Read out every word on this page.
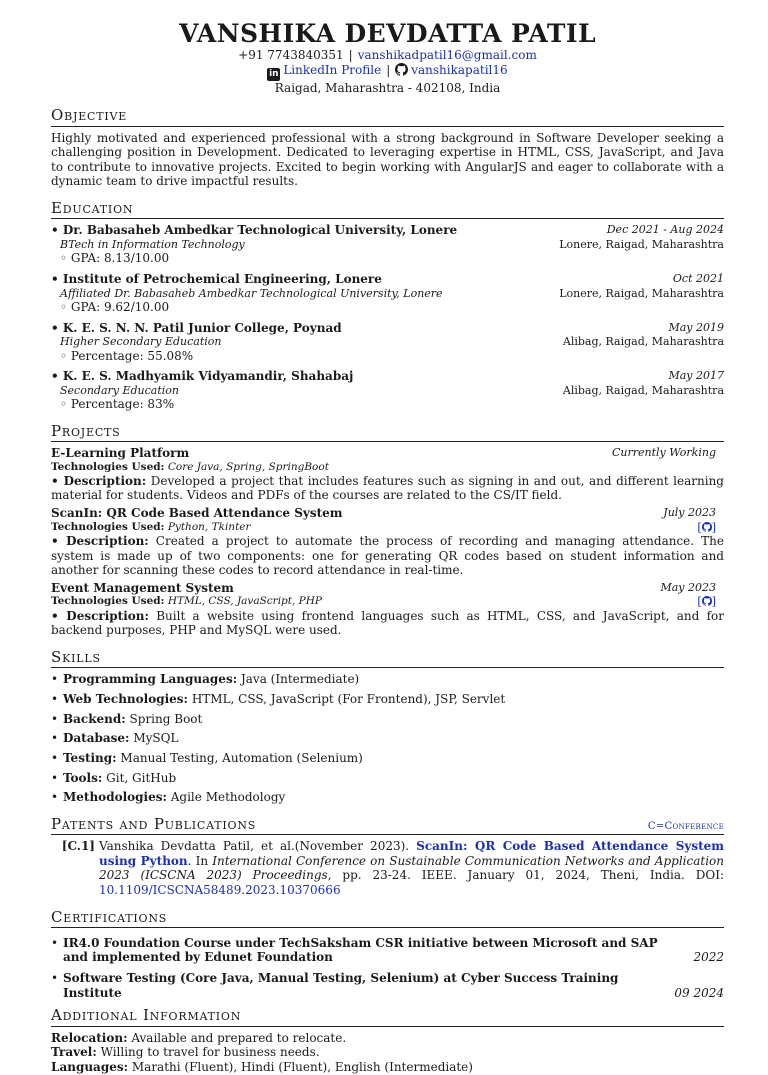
VANSHIKA DEVDATTA PATIL
+91 7743840351 | vanshikadpatil16@gmail.com
in LinkedIn Profile | vanshikapatil16
Raigad, Maharashtra - 402108, India
Objective

Highly motivated and experienced professional with a strong background in Software Developer seeking a challenging position in Development. Dedicated to leveraging expertise in HTML, CSS, JavaScript, and Java to contribute to innovative projects. Excited to begin working with AngularJS and eager to collaborate with a dynamic team to drive impactful results.

Education
• Dr. Babasaheb Ambedkar Technological University, Lonere	Dec 2021 - Aug 2024
BTech in Information Technology	Lonere, Raigad, Maharashtra
◦ GPA: 8.13/10.00
• Institute of Petrochemical Engineering, Lonere	Oct 2021
Affiliated Dr. Babasaheb Ambedkar Technological University, Lonere	Lonere, Raigad, Maharashtra
◦ GPA: 9.62/10.00
• K. E. S. N. N. Patil Junior College, Poynad	May 2019
Higher Secondary Education	Alibag, Raigad, Maharashtra
◦ Percentage: 55.08%
• K. E. S. Madhyamik Vidyamandir, Shahabaj	May 2017
Secondary Education	Alibag, Raigad, Maharashtra
◦ Percentage: 83%
Projects
E-Learning Platform	Currently Working
Technologies Used: Core Java, Spring, SpringBoot

• Description: Developed a project that includes features such as signing in and out, and different learning material for students. Videos and PDFs of the courses are related to the CS/IT field.

ScanIn: QR Code Based Attendance System	July 2023
Technologies Used: Python, Tkinter	[ ]

• Description: Created a project to automate the process of recording and managing attendance. The system is made up of two components: one for generating QR codes based on student information and another for scanning these codes to record attendance in real-time.

Event Management System	May 2023
Technologies Used: HTML, CSS, JavaScript, PHP	[ ]

• Description: Built a website using frontend languages such as HTML, CSS, and JavaScript, and for backend purposes, PHP and MySQL were used.

Skills
• Programming Languages: Java (Intermediate)
• Web Technologies: HTML, CSS, JavaScript (For Frontend), JSP, Servlet
• Backend: Spring Boot
• Database: MySQL
• Testing: Manual Testing, Automation (Selenium)
• Tools: Git, GitHub
• Methodologies: Agile Methodology
Patents and Publications	C=Conference
[C.1] Vanshika Devdatta Patil, et al.(November 2023). ScanIn: QR Code Based Attendance System using Python. In International Conference on Sustainable Communication Networks and Application 2023 (ICSCNA 2023) Proceedings, pp. 23-24. IEEE. January 01, 2024, Theni, India. DOI: 10.1109/ICSCNA58489.2023.10370666

Certifications
• IR4.0 Foundation Course under TechSaksham CSR initiative between Microsoft and SAP and implemented by Edunet Foundation	2022
• Software Testing (Core Java, Manual Testing, Selenium) at Cyber Success Training Institute	09 2024
Additional Information
Relocation: Available and prepared to relocate.
Travel: Willing to travel for business needs.
Languages: Marathi (Fluent), Hindi (Fluent), English (Intermediate)
